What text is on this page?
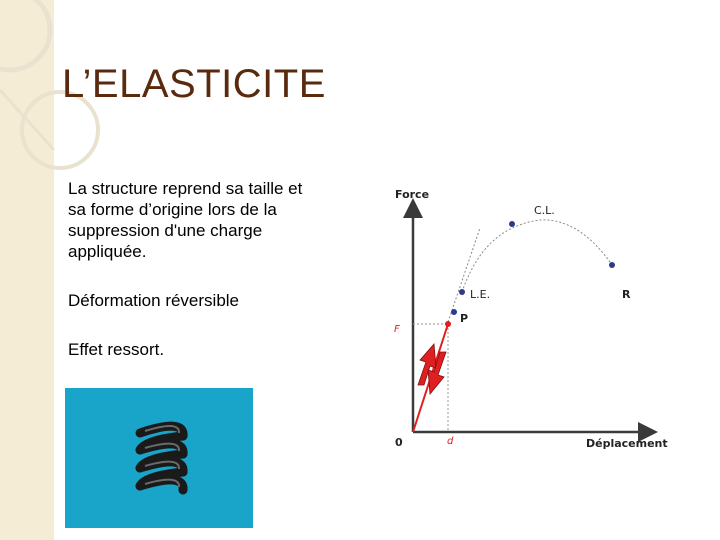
L’ELASTICITE
La structure reprend sa taille et
sa forme d’origine lors de la
suppression d'une charge
appliquée.
Déformation réversible
Effet ressort.
Force
Déplacement
0
P
L.E.
C.L.
R
F
d
